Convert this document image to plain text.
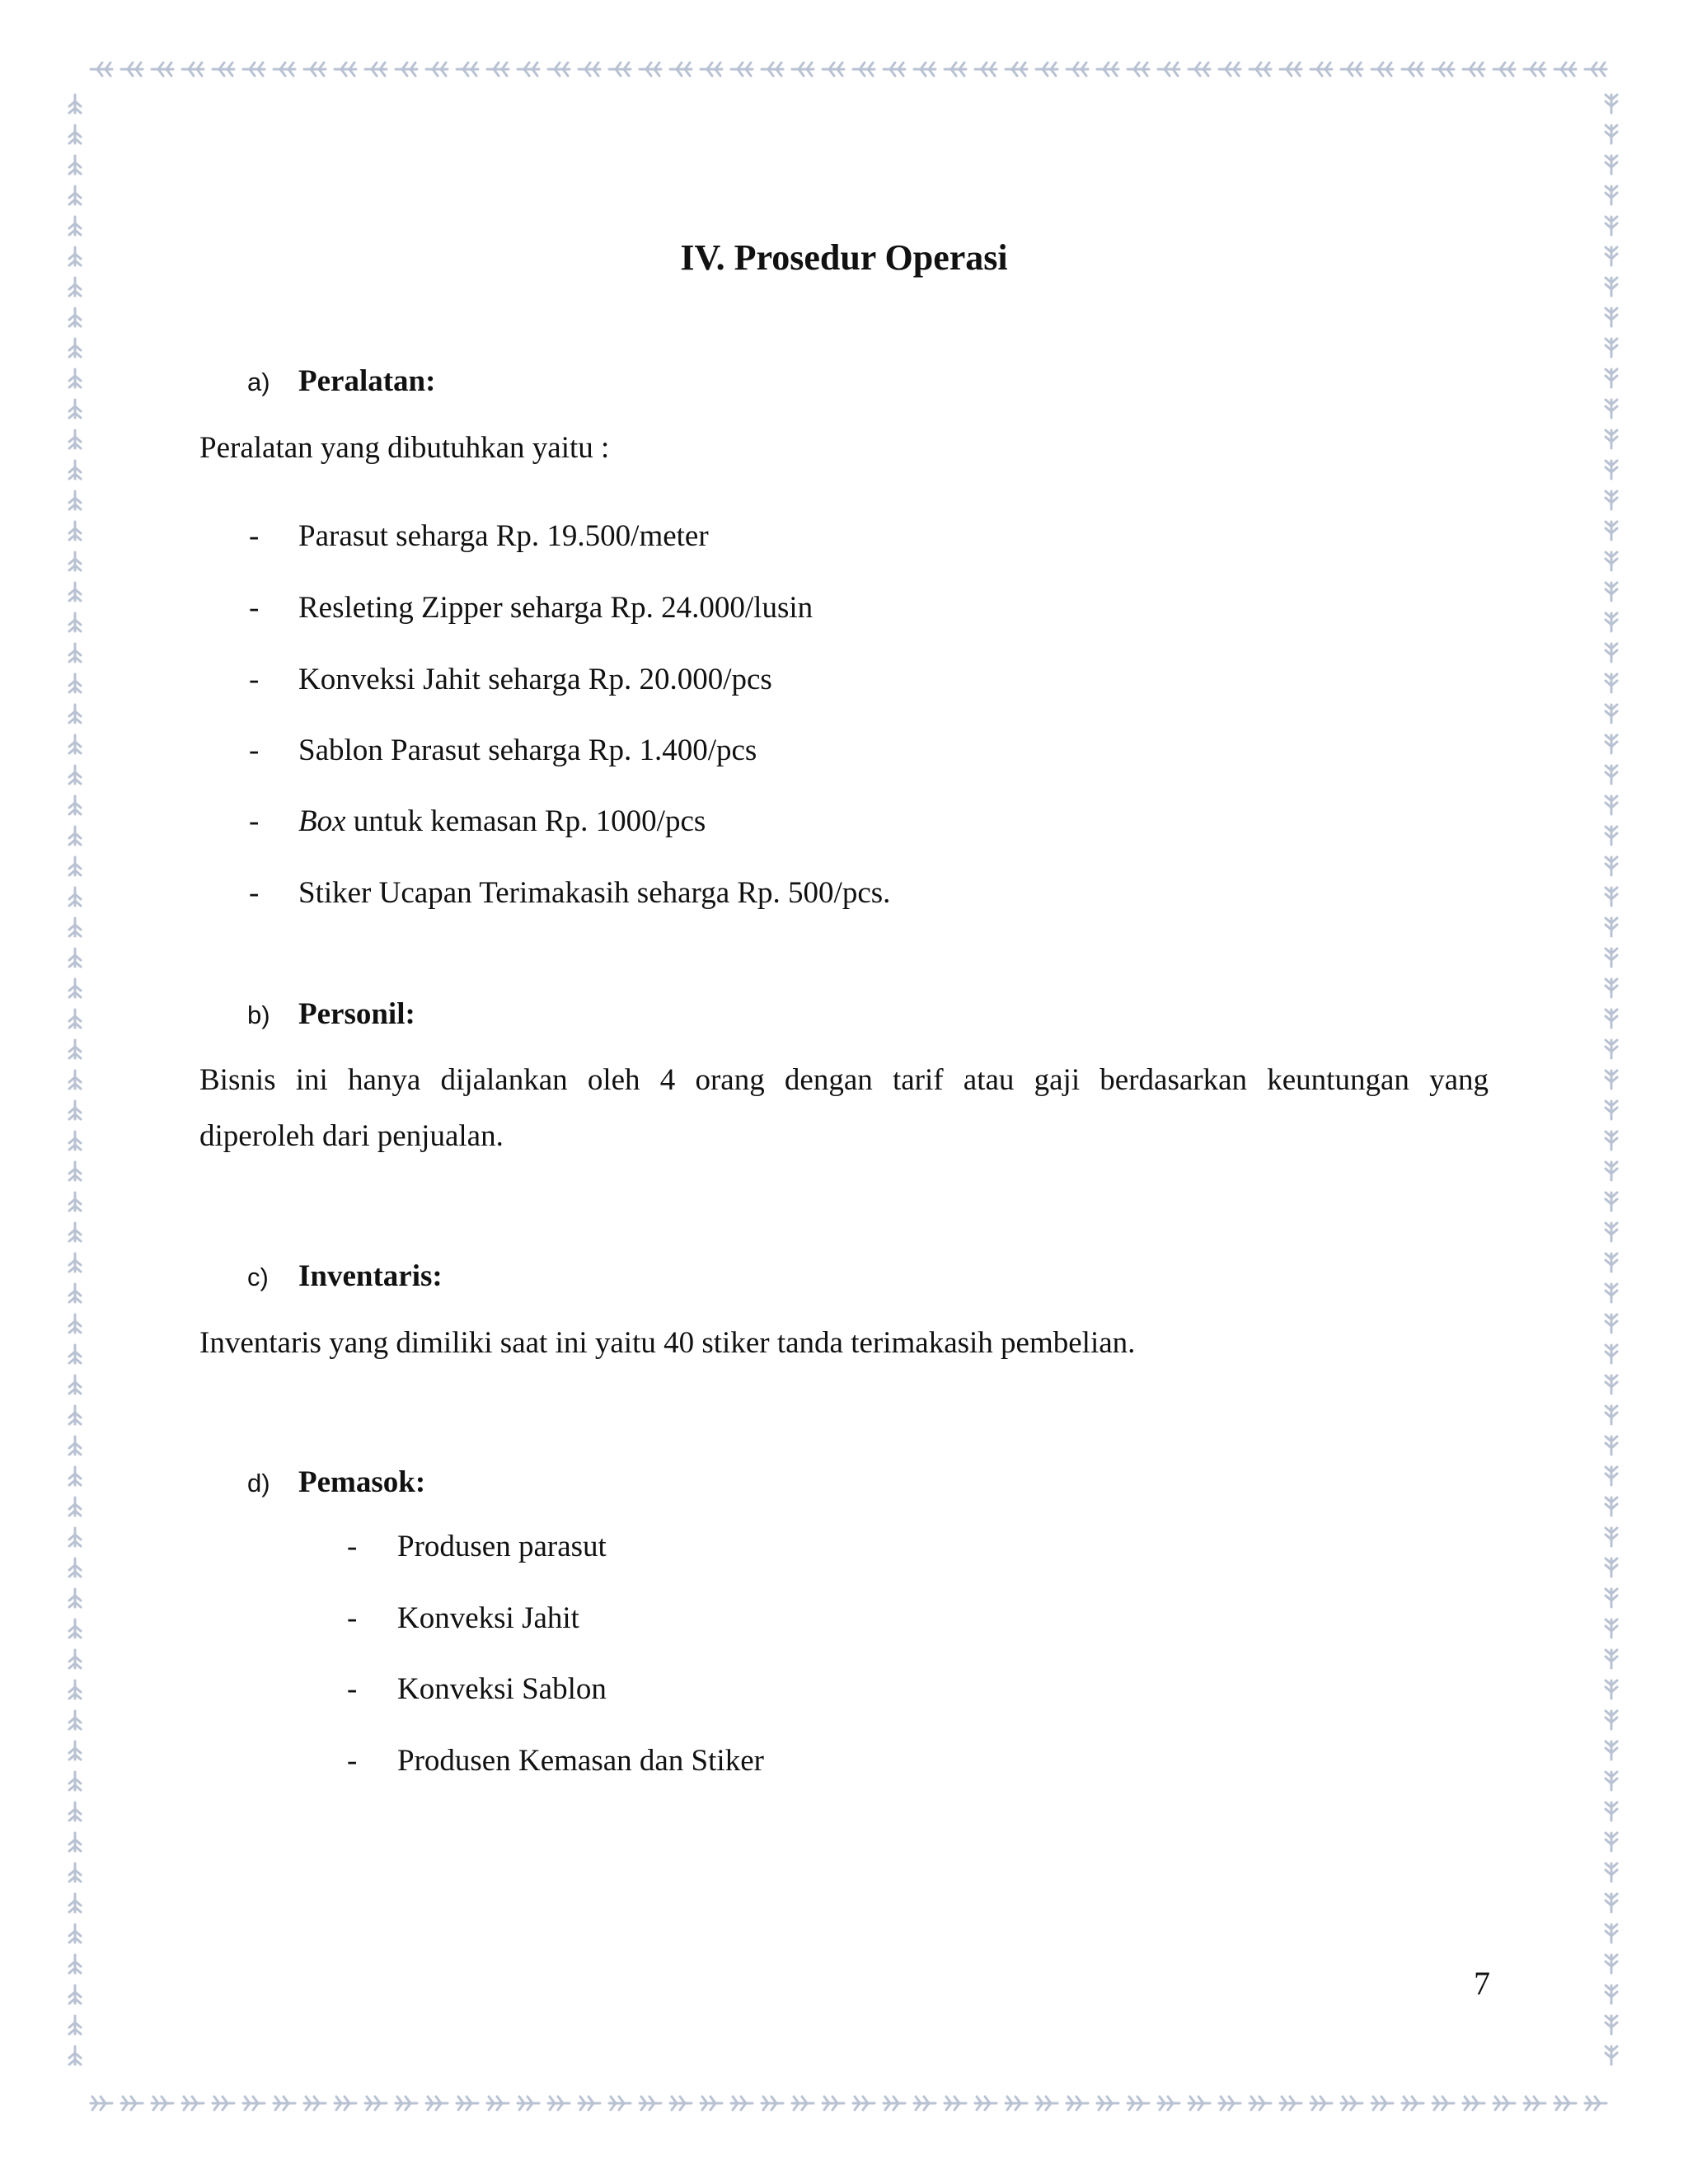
IV. Prosedur Operasi
a) Peralatan:
Peralatan yang dibutuhkan yaitu :
- Parasut seharga Rp. 19.500/meter
- Resleting Zipper seharga Rp. 24.000/lusin
- Konveksi Jahit seharga Rp. 20.000/pcs
- Sablon Parasut seharga Rp. 1.400/pcs
- Box untuk kemasan Rp. 1000/pcs
- Stiker Ucapan Terimakasih seharga Rp. 500/pcs.
b) Personil:
Bisnis ini hanya dijalankan oleh 4 orang dengan tarif atau gaji berdasarkan keuntungan yang
diperoleh dari penjualan.
c) Inventaris:
Inventaris yang dimiliki saat ini yaitu 40 stiker tanda terimakasih pembelian.
d) Pemasok:
- Produsen parasut
- Konveksi Jahit
- Konveksi Sablon
- Produsen Kemasan dan Stiker
7
